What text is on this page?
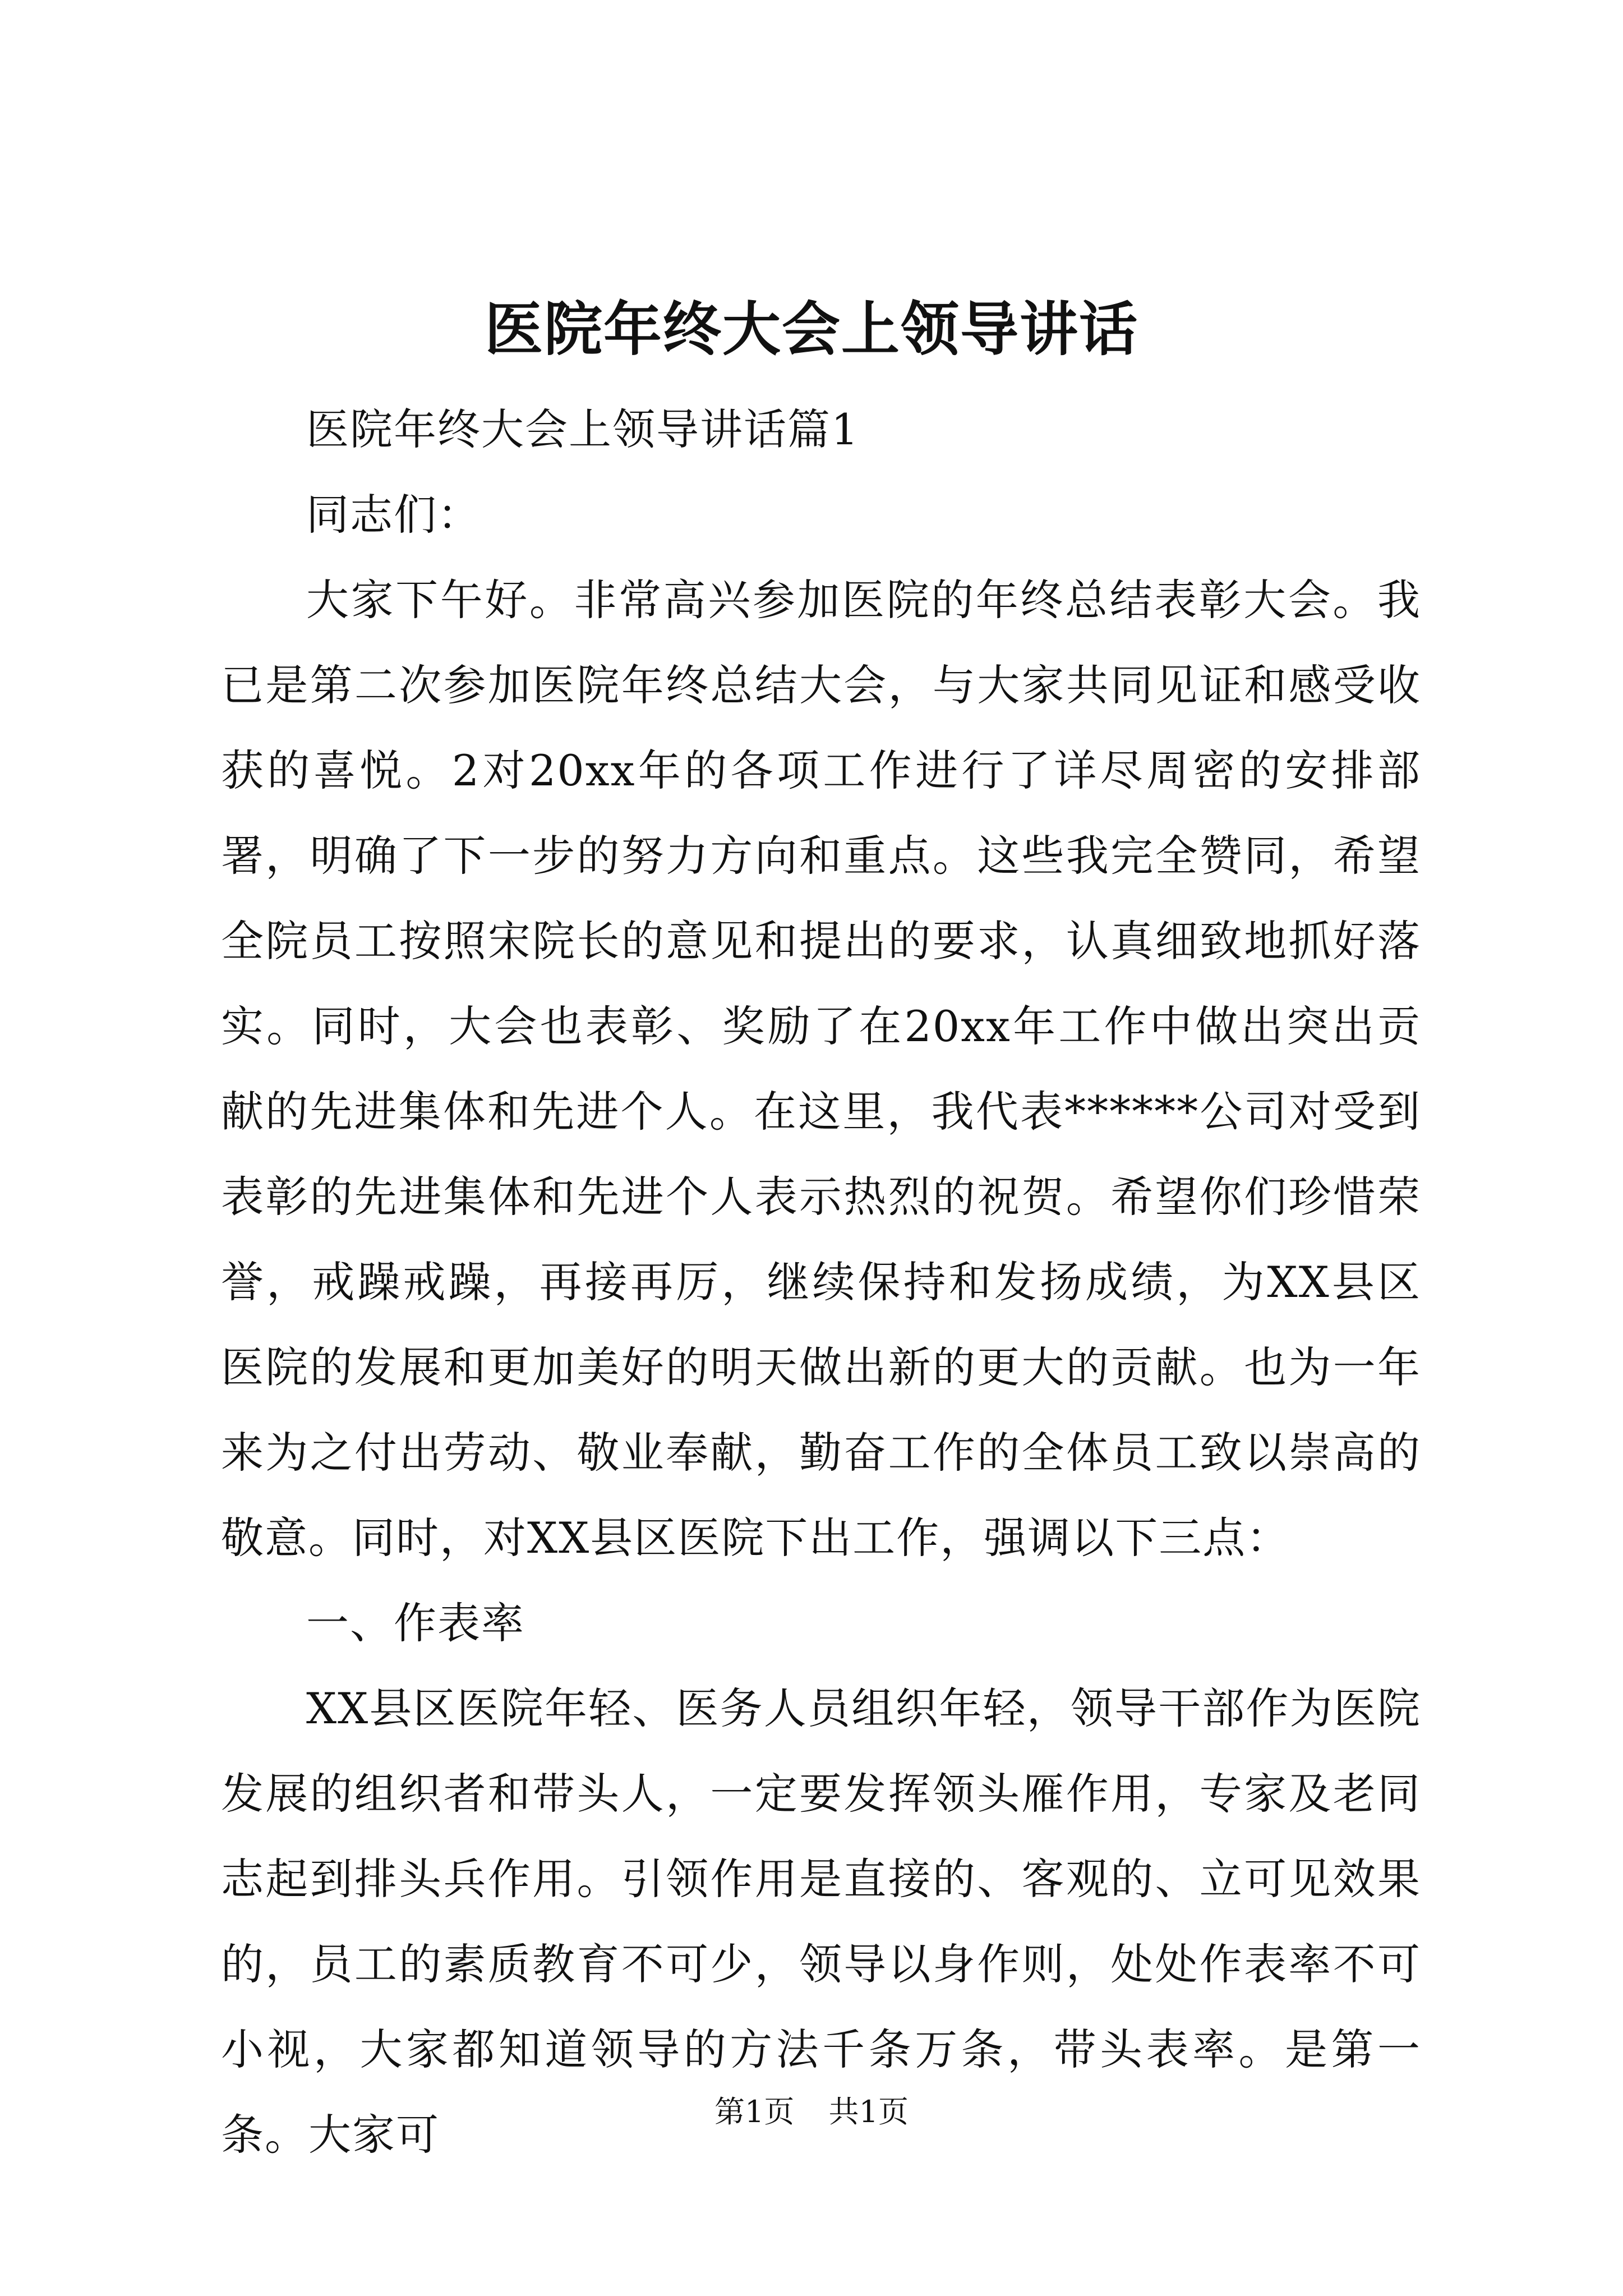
医院年终大会上领导讲话

医院年终大会上领导讲话篇1

同志们：

大家下午好。非常高兴参加医院的年终总结表彰大会。我已是第二次参加医院年终总结大会，与大家共同见证和感受收获的喜悦。2对20xx年的各项工作进行了详尽周密的安排部署，明确了下一步的努力方向和重点。这些我完全赞同，希望全院员工按照宋院长的意见和提出的要求，认真细致地抓好落实。同时，大会也表彰、奖励了在20xx年工作中做出突出贡献的先进集体和先进个人。在这里，我代表******公司对受到表彰的先进集体和先进个人表示热烈的祝贺。希望你们珍惜荣誉，戒躁戒躁，再接再厉，继续保持和发扬成绩，为XX县区医院的发展和更加美好的明天做出新的更大的贡献。也为一年来为之付出劳动、敬业奉献，勤奋工作的全体员工致以崇高的敬意。同时，对XX县区医院下出工作，强调以下三点：

一、作表率

XX县区医院年轻、医务人员组织年轻，领导干部作为医院发展的组织者和带头人，一定要发挥领头雁作用，专家及老同志起到排头兵作用。引领作用是直接的、客观的、立可见效果的，员工的素质教育不可少，领导以身作则，处处作表率不可小视，大家都知道领导的方法千条万条，带头表率。是第一条。大家可	第1页   共1页
